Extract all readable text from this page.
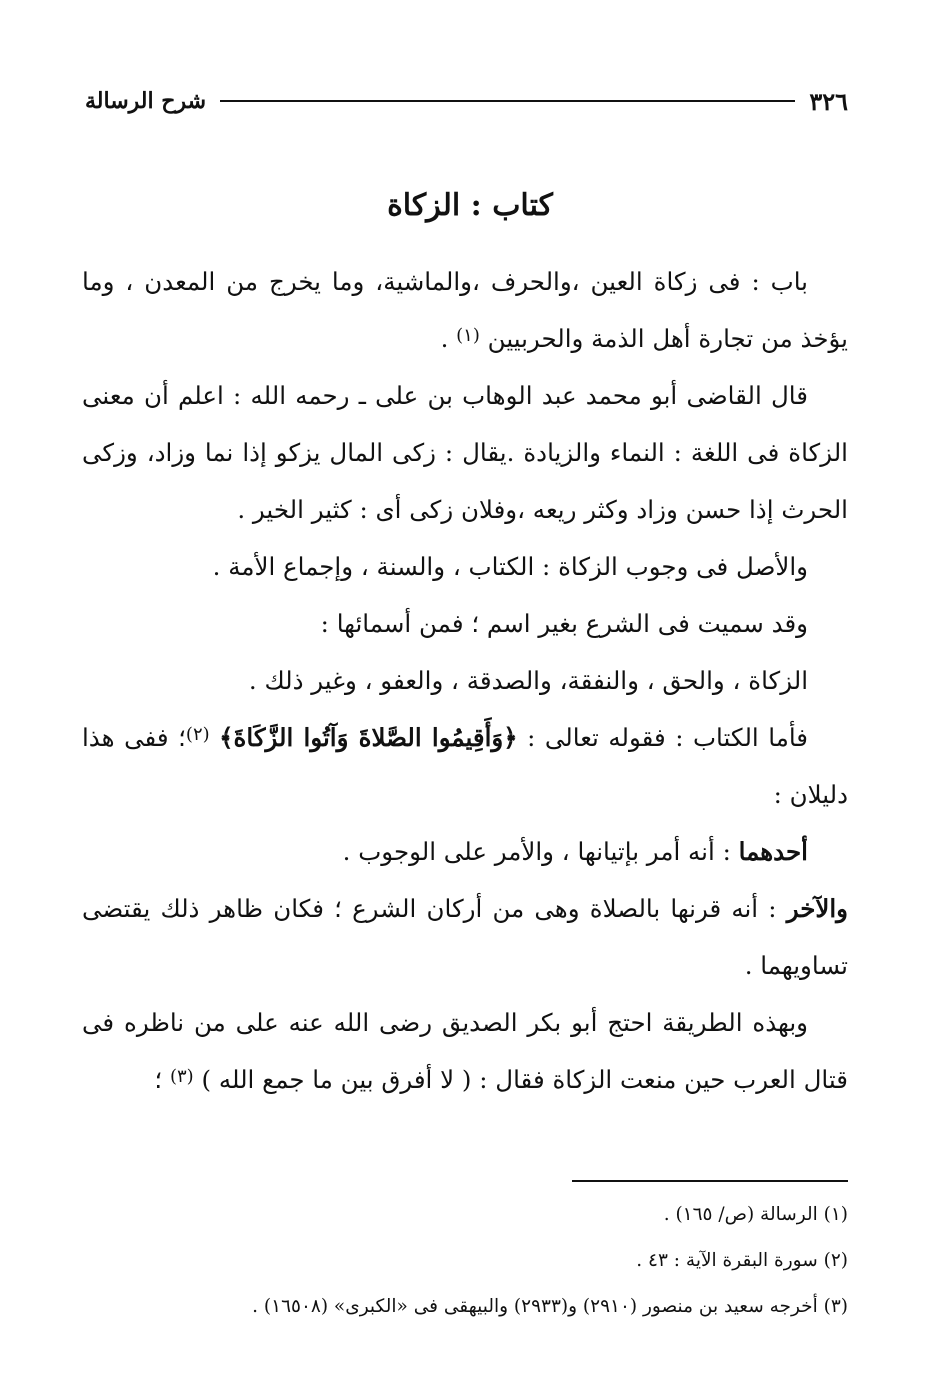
٣٢٦
شرح الرسالة
كتاب : الزكاة

باب : فى زكاة العين ،والحرف ،والماشية، وما يخرج من المعدن ، وما يؤخذ من تجارة أهل الذمة والحربيين $^{(١)}$ .

قال القاضى أبو محمد عبد الوهاب بن على ـ رحمه الله : اعلم أن معنى الزكاة فى اللغة : النماء والزيادة .يقال : زكى المال يزكو إذا نما وزاد، وزكى الحرث إذا حسن وزاد وكثر ريعه ،وفلان زكى أى : كثير الخير .

والأصل فى وجوب الزكاة : الكتاب ، والسنة ، وإجماع الأمة .

وقد سميت فى الشرع بغير اسم ؛ فمن أسمائها :

الزكاة ، والحق ، والنفقة، والصدقة ، والعفو ، وغير ذلك .

فأما الكتاب : فقوله تعالى : ﴿وَأَقِيمُوا الصَّلاةَ وَآتُوا الزَّكَاةَ﴾ $^{(٢)}$؛ ففى هذا دليلان :

أحدهما : أنه أمر بإتيانها ، والأمر على الوجوب .

والآخر : أنه قرنها بالصلاة وهى من أركان الشرع ؛ فكان ظاهر ذلك يقتضى تساويهما .

وبهذه الطريقة احتج أبو بكر الصديق رضى الله عنه على من ناظره فى قتال العرب حين منعت الزكاة فقال : ( لا أفرق بين ما جمع الله ) $^{(٣)}$ ؛

(١) الرسالة (ص/ ١٦٥) .

(٢) سورة البقرة الآية : ٤٣ .

(٣) أخرجه سعيد بن منصور (٢٩١٠) و(٢٩٣٣) والبيهقى فى «الكبرى» (١٦٥٠٨) .
